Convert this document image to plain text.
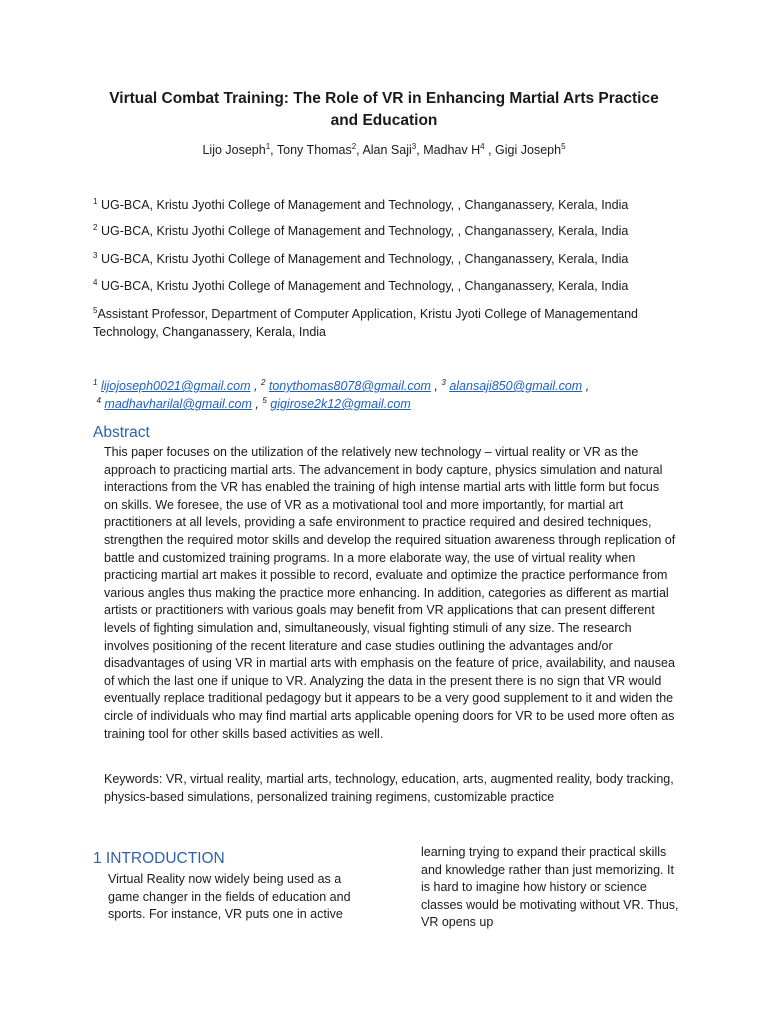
Virtual Combat Training: The Role of VR in Enhancing Martial Arts Practice and Education
Lijo Joseph$^1$, Tony Thomas$^2$, Alan Saji$^3$, Madhav $H^4$ , Gigi Joseph$^5$
$^1$ UG-BCA, Kristu Jyothi College of Management and Technology, , Changanassery, Kerala, India
$^2$ UG-BCA, Kristu Jyothi College of Management and Technology, , Changanassery, Kerala, India
$^3$ UG-BCA, Kristu Jyothi College of Management and Technology, , Changanassery, Kerala, India
$^4$ UG-BCA, Kristu Jyothi College of Management and Technology, , Changanassery, Kerala, India
$^5$Assistant Professor, Department of Computer Application, Kristu Jyoti College of Managementand Technology, Changanassery, Kerala, India
$^1$ lijojoseph0021@gmail.com , $^2$ tonythomas8078@gmail.com , $^3$ alansaji850@gmail.com ,
$^4$ madhavharilal@gmail.com , $^5$ gigirose2k12@gmail.com
Abstract

This paper focuses on the utilization of the relatively new technology – virtual reality or VR as the approach to practicing martial arts. The advancement in body capture, physics simulation and natural interactions from the VR has enabled the training of high intense martial arts with little form but focus on skills. We foresee, the use of VR as a motivational tool and more importantly, for martial art practitioners at all levels, providing a safe environment to practice required and desired techniques, strengthen the required motor skills and develop the required situation awareness through replication of battle and customized training programs. In a more elaborate way, the use of virtual reality when practicing martial art makes it possible to record, evaluate and optimize the practice performance from various angles thus making the practice more enhancing. In addition, categories as different as martial artists or practitioners with various goals may benefit from VR applications that can present different levels of fighting simulation and, simultaneously, visual fighting stimuli of any size. The research involves positioning of the recent literature and case studies outlining the advantages and/or disadvantages of using VR in martial arts with emphasis on the feature of price, availability, and nausea of which the last one if unique to VR. Analyzing the data in the present there is no sign that VR would eventually replace traditional pedagogy but it appears to be a very good supplement to it and widen the circle of individuals who may find martial arts applicable opening doors for VR to be used more often as training tool for other skills based activities as well.

Keywords: VR, virtual reality, martial arts, technology, education, arts, augmented reality, body tracking, physics-based simulations, personalized training regimens, customizable practice

1 INTRODUCTION

Virtual Reality now widely being used as a game changer in the fields of education and sports. For instance, VR puts one in active

learning trying to expand their practical skills and knowledge rather than just memorizing. It is hard to imagine how history or science classes would be motivating without VR. Thus, VR opens up
